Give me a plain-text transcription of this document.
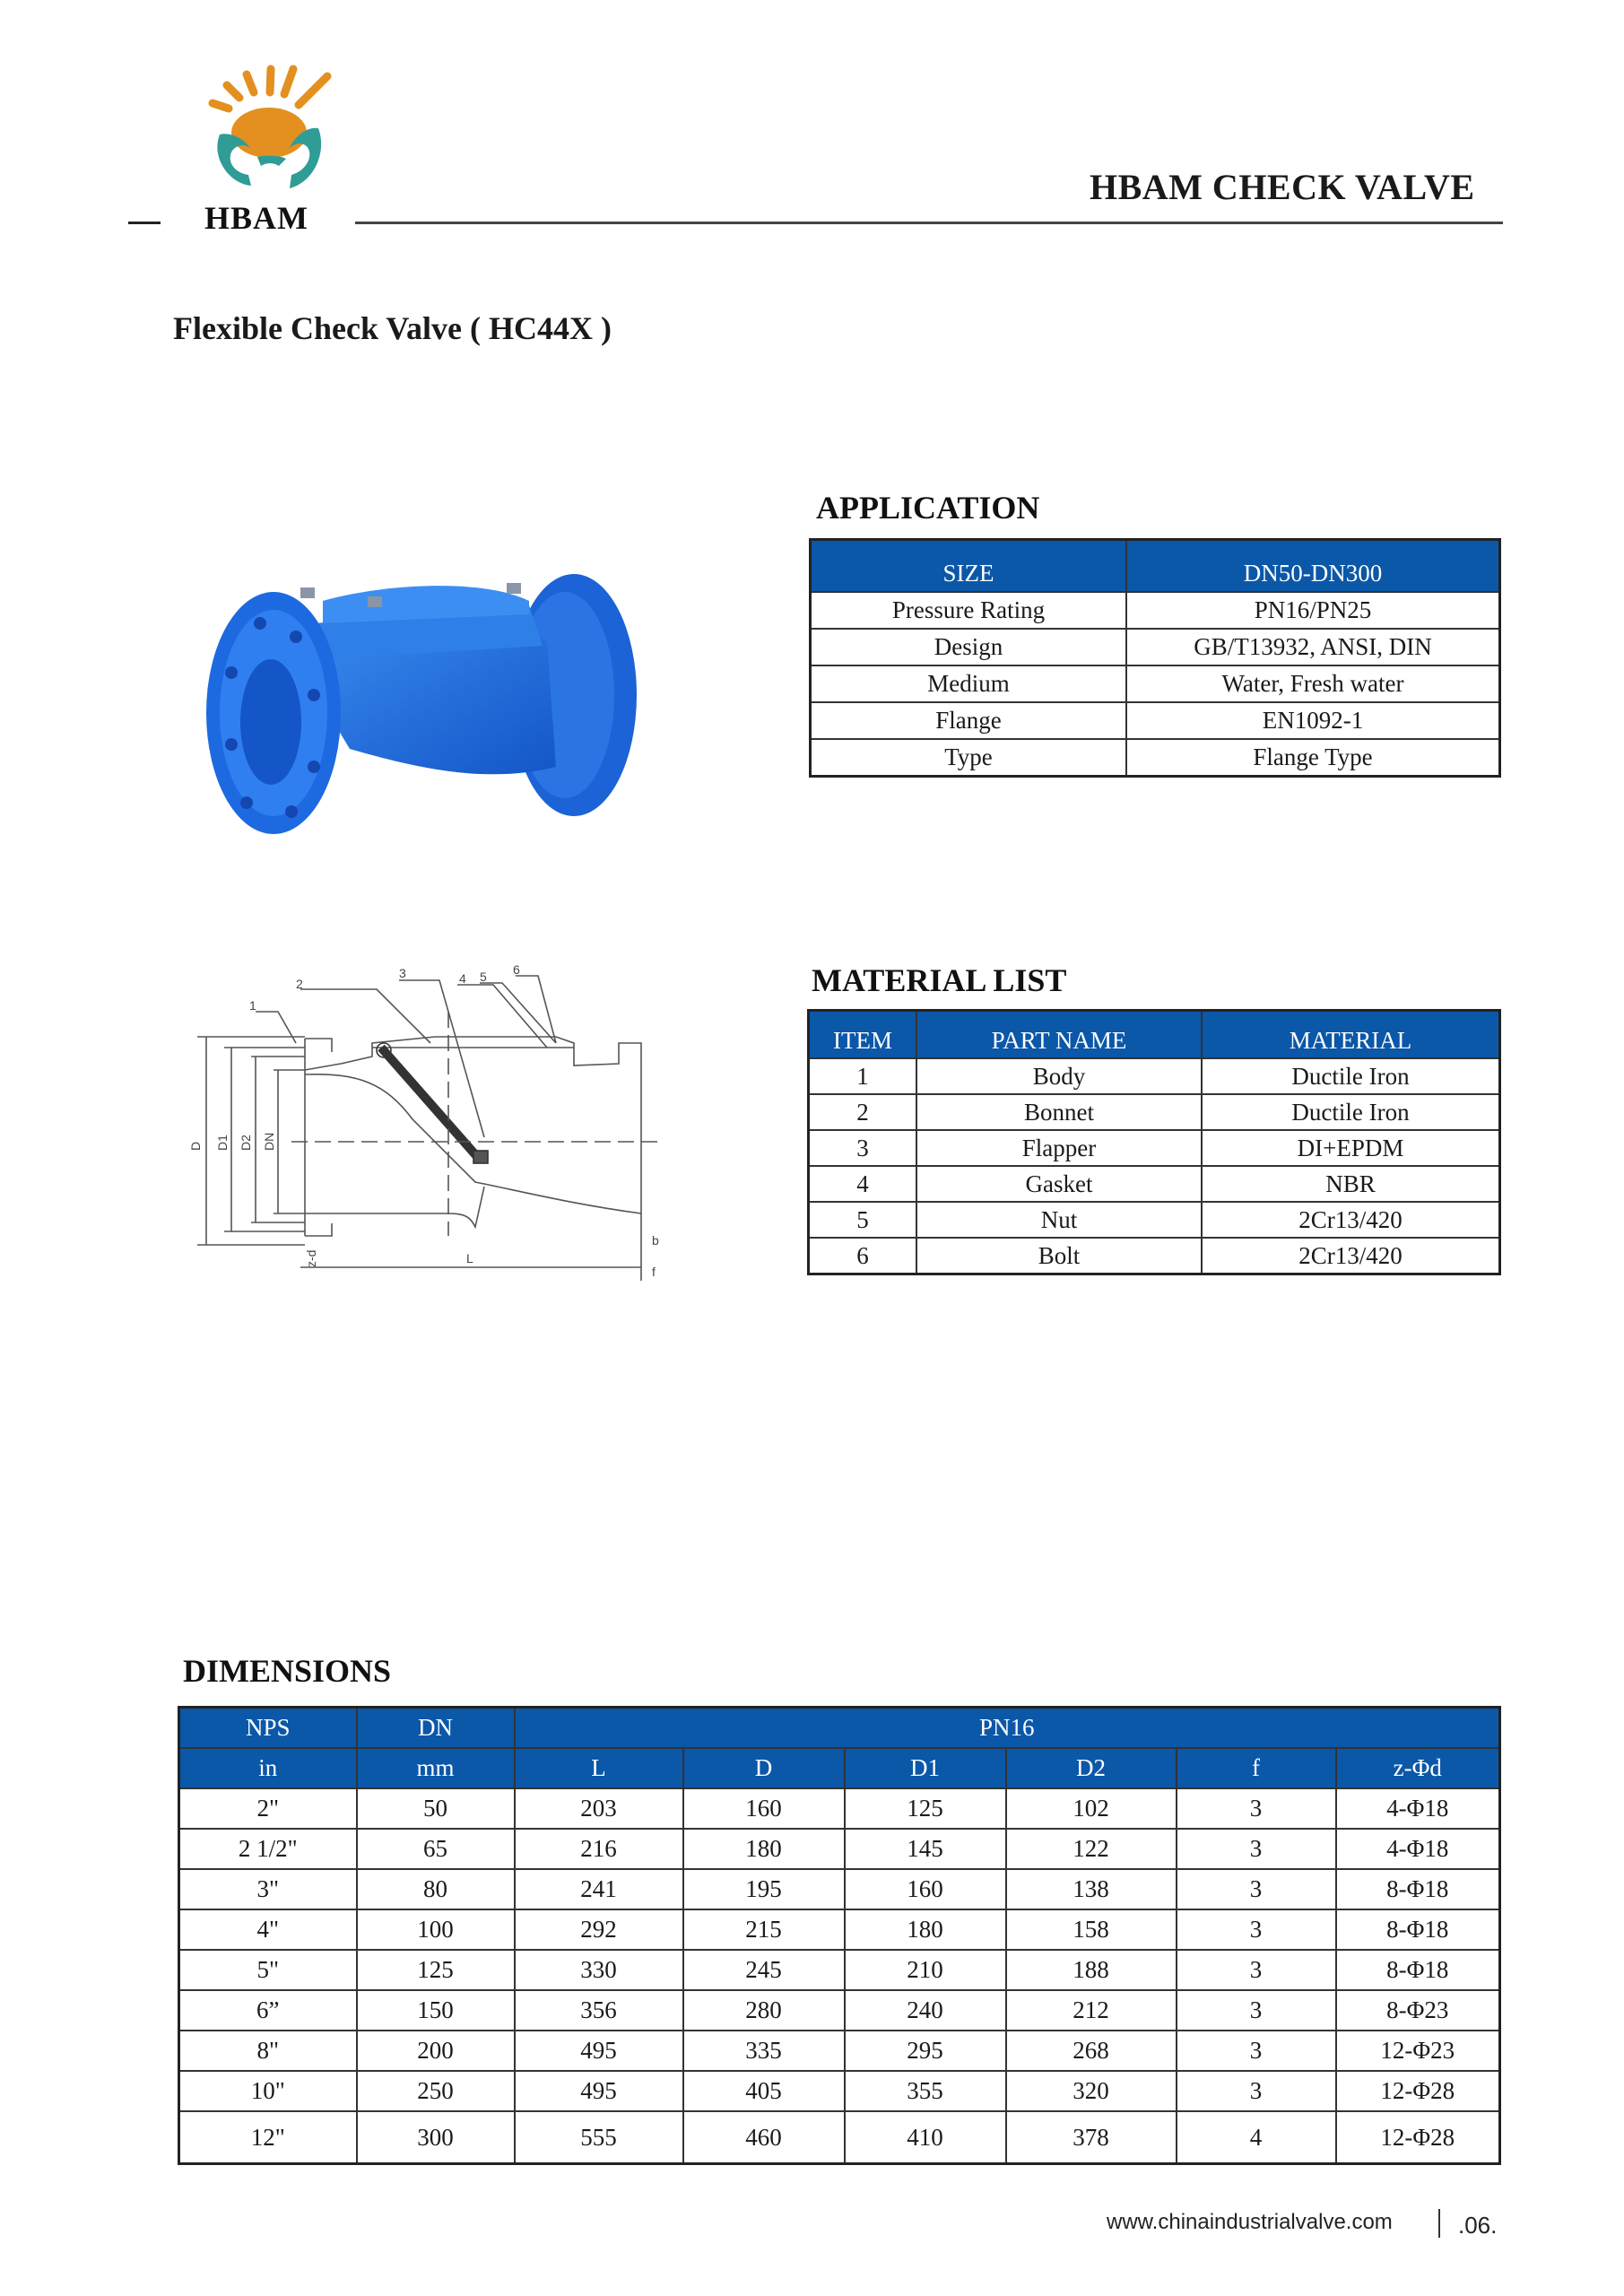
HBAM
HBAM CHECK VALVE
Flexible Check Valve ( HC44X )
APPLICATION
SIZE	DN50-DN300
Pressure Rating	PN16/PN25
Design	GB/T13932, ANSI, DIN
Medium	Water, Fresh water
Flange	EN1092-1
Type	Flange Type
1
2
3	4 5 6
D D1 D2 DN
L
b
f
z-d
MATERIAL LIST
ITEM	PART NAME	MATERIAL
1	Body	Ductile Iron
2	Bonnet	Ductile Iron
3	Flapper	DI+EPDM
4	Gasket	NBR
5	Nut	2Cr13/420
6	Bolt	2Cr13/420
DIMENSIONS
NPS	DN	PN16					
in	mm	L	D	D1	D2	f	z-Φd
2"	50	203	160	125	102	3	4-Φ18
2 1/2"	65	216	180	145	122	3	4-Φ18
3"	80	241	195	160	138	3	8-Φ18
4"	100	292	215	180	158	3	8-Φ18
5"	125	330	245	210	188	3	8-Φ18
6”	150	356	280	240	212	3	8-Φ23
8"	200	495	335	295	268	3	12-Φ23
10"	250	495	405	355	320	3	12-Φ28
12"	300	555	460	410	378	4	12-Φ28
www.chinaindustrialvalve.com	.06.
